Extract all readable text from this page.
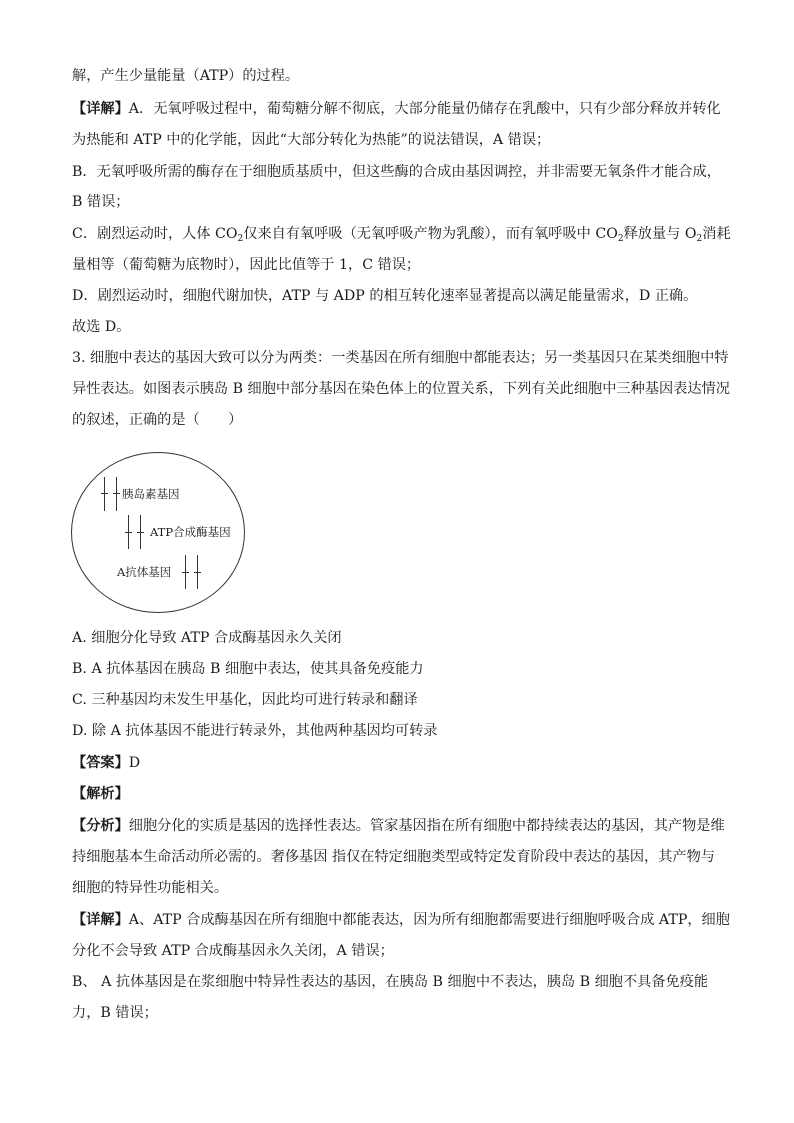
解，产生少量能量（ATP）的过程。
【详解】A．无氧呼吸过程中，葡萄糖分解不彻底，大部分能量仍储存在乳酸中，只有少部分释放并转化
为热能和 ATP 中的化学能，因此“大部分转化为热能”的说法错误，A 错误；
B．无氧呼吸所需的酶存在于细胞质基质中，但这些酶的合成由基因调控，并非需要无氧条件才能合成，
B 错误；
C．剧烈运动时，人体 $CO_2$仅来自有氧呼吸（无氧呼吸产物为乳酸），而有氧呼吸中 $CO_2$释放量与 $O_2$消耗
量相等（葡萄糖为底物时），因此比值等于 1，C 错误；
D．剧烈运动时，细胞代谢加快，ATP 与 ADP 的相互转化速率显著提高以满足能量需求，D 正确。
故选 D。
3. 细胞中表达的基因大致可以分为两类：一类基因在所有细胞中都能表达；另一类基因只在某类细胞中特
异性表达。如图表示胰岛 B 细胞中部分基因在染色体上的位置关系，下列有关此细胞中三种基因表达情况
的叙述，正确的是（　　）
胰岛素基因
ATP合成酶基因
A抗体基因
A. 细胞分化导致 ATP 合成酶基因永久关闭
B. A 抗体基因在胰岛 B 细胞中表达，使其具备免疫能力
C. 三种基因均未发生甲基化，因此均可进行转录和翻译
D. 除 A 抗体基因不能进行转录外，其他两种基因均可转录
【答案】D
【解析】
【分析】细胞分化的实质是基因的选择性表达。管家基因指在所有细胞中都持续表达的基因，其产物是维
持细胞基本生命活动所必需的。奢侈基因 指仅在特定细胞类型或特定发育阶段中表达的基因，其产物与
细胞的特异性功能相关。
【详解】A、ATP 合成酶基因在所有细胞中都能表达，因为所有细胞都需要进行细胞呼吸合成 ATP，细胞
分化不会导致 ATP 合成酶基因永久关闭，A 错误；
B、 A 抗体基因是在浆细胞中特异性表达的基因，在胰岛 B 细胞中不表达，胰岛 B 细胞不具备免疫能
力，B 错误；
